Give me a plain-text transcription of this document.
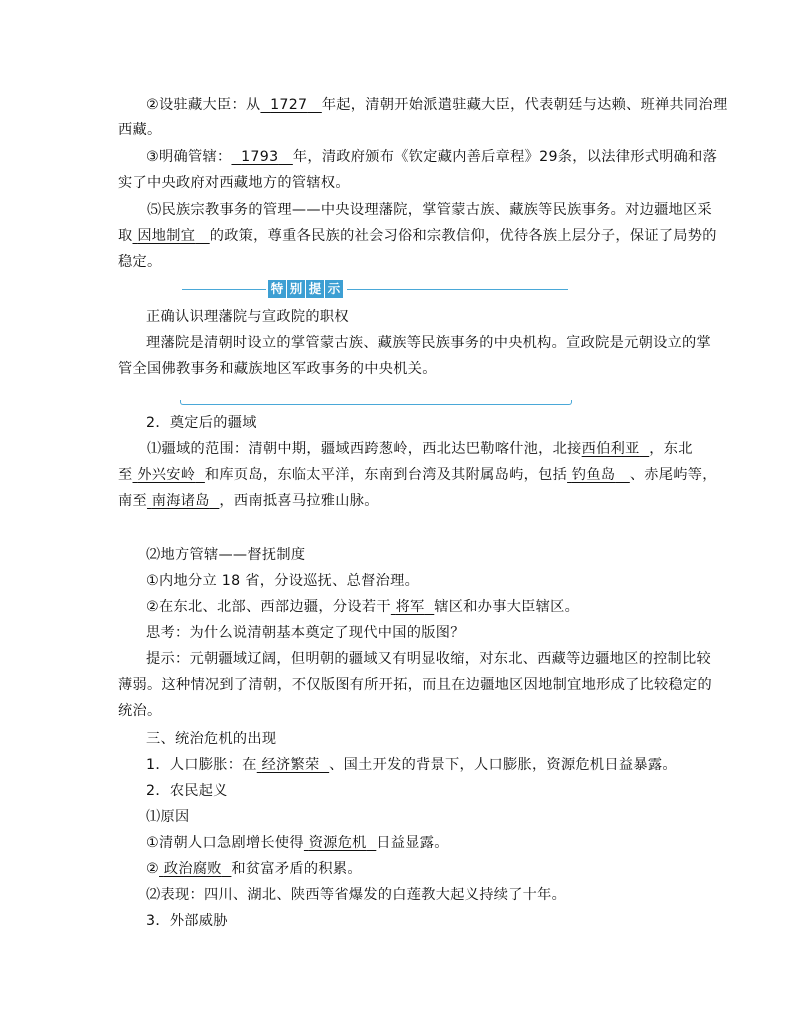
②设驻藏大臣：从 1727 年起，清朝开始派遣驻藏大臣，代表朝廷与达赖、班禅共同治理
西藏。
③明确管辖： 1793 年，清政府颁布《钦定藏内善后章程》29条，以法律形式明确和落
实了中央政府对西藏地方的管辖权。
⑸民族宗教事务的管理——中央设理藩院，掌管蒙古族、藏族等民族事务。对边疆地区采
取 因地制宜 的政策，尊重各民族的社会习俗和宗教信仰，优待各族上层分子，保证了局势的
稳定。
特 别 提 示
正确认识理藩院与宣政院的职权
理藩院是清朝时设立的掌管蒙古族、藏族等民族事务的中央机构。宣政院是元朝设立的掌
管全国佛教事务和藏族地区军政事务的中央机关。
2．奠定后的疆域
⑴疆域的范围：清朝中期，疆域西跨葱岭，西北达巴勒喀什池，北接西伯利亚 ，东北
至 外兴安岭 和库页岛，东临太平洋，东南到台湾及其附属岛屿，包括 钓鱼岛 、赤尾屿等，
南至 南海诸岛 ，西南抵喜马拉雅山脉。
⑵地方管辖——督抚制度
①内地分立 18 省，分设巡抚、总督治理。
②在东北、北部、西部边疆，分设若干 将军 辖区和办事大臣辖区。
思考：为什么说清朝基本奠定了现代中国的版图？
提示：元朝疆域辽阔，但明朝的疆域又有明显收缩，对东北、西藏等边疆地区的控制比较
薄弱。这种情况到了清朝，不仅版图有所开拓，而且在边疆地区因地制宜地形成了比较稳定的
统治。
三、统治危机的出现
1．人口膨胀：在 经济繁荣 、国土开发的背景下，人口膨胀，资源危机日益暴露。
2．农民起义
⑴原因
①清朝人口急剧增长使得 资源危机 日益显露。
② 政治腐败 和贫富矛盾的积累。
⑵表现：四川、湖北、陕西等省爆发的白莲教大起义持续了十年。
3．外部威胁
